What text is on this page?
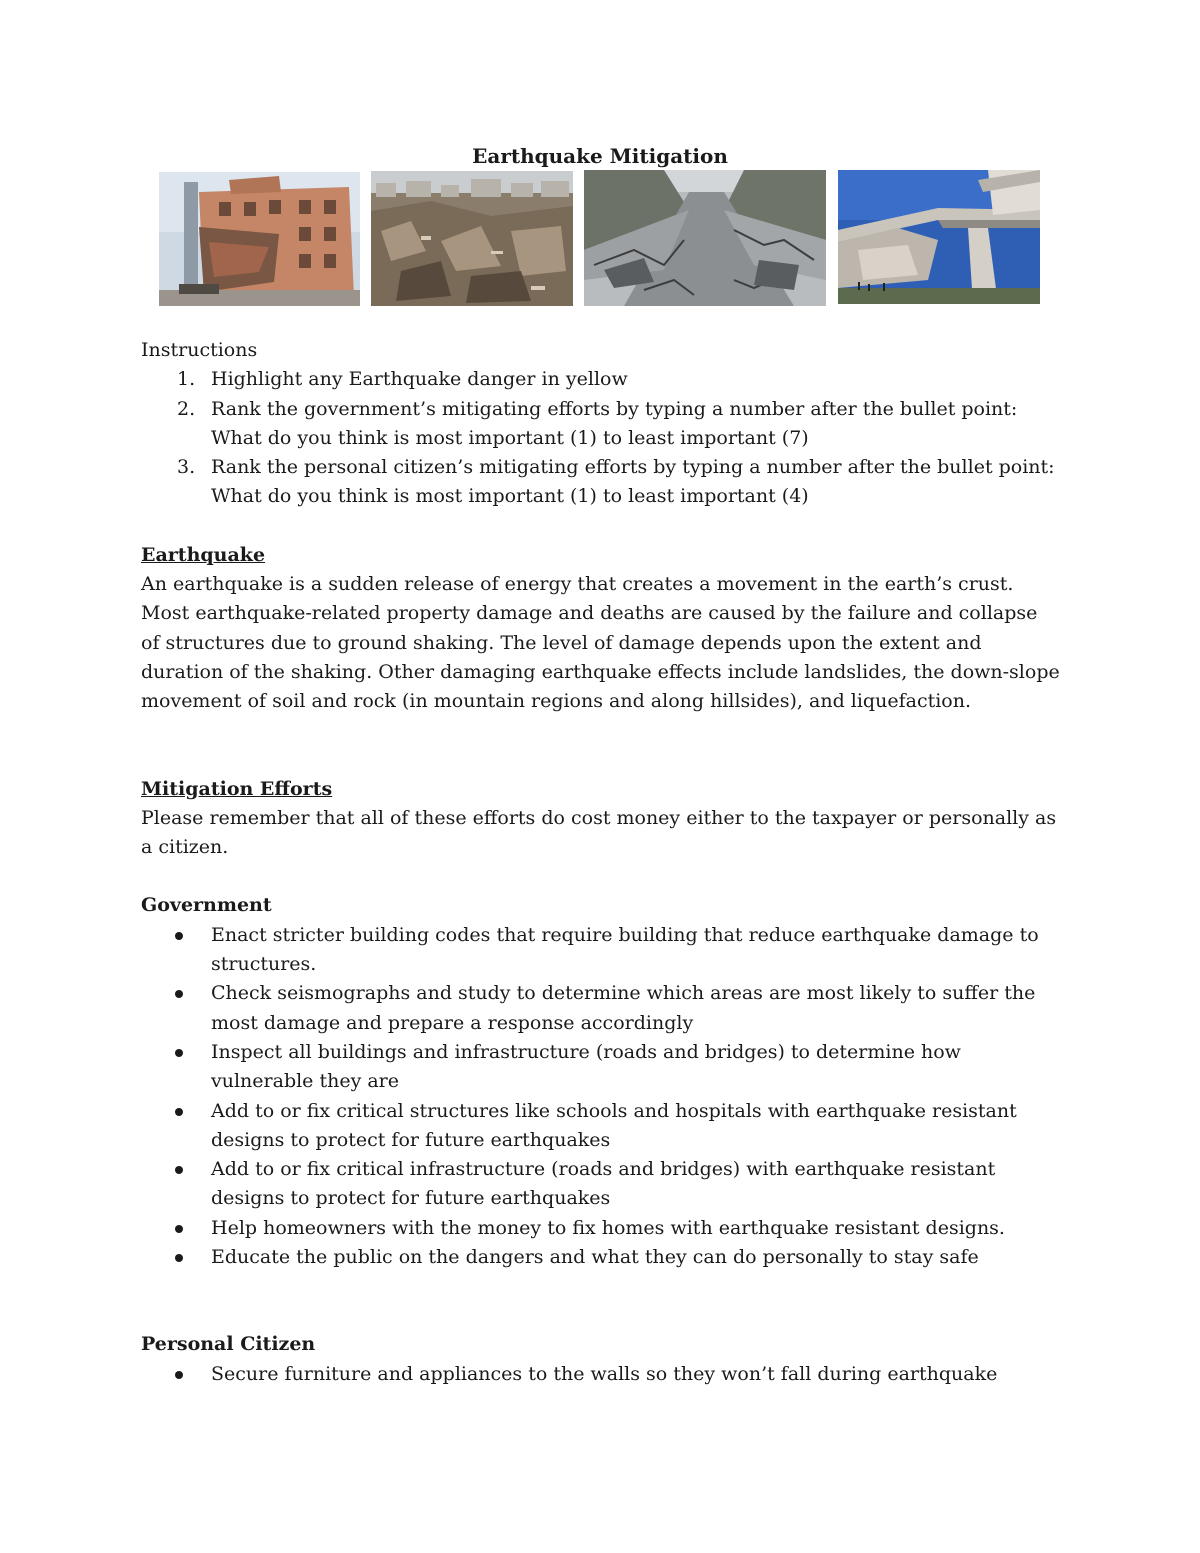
Earthquake Mitigation

Instructions

1. Highlight any Earthquake danger in yellow
2. Rank the government’s mitigating efforts by typing a number after the bullet point: What do you think is most important (1) to least important (7)
3. Rank the personal citizen’s mitigating efforts by typing a number after the bullet point: What do you think is most important (1) to least important (4)

Earthquake

An earthquake is a sudden release of energy that creates a movement in the earth’s crust. Most earthquake-related property damage and deaths are caused by the failure and collapse of structures due to ground shaking. The level of damage depends upon the extent and duration of the shaking. Other damaging earthquake effects include landslides, the down-slope movement of soil and rock (in mountain regions and along hillsides), and liquefaction.

Mitigation Efforts

Please remember that all of these efforts do cost money either to the taxpayer or personally as a citizen.

Government

Enact stricter building codes that require building that reduce earthquake damage to structures.
Check seismographs and study to determine which areas are most likely to suffer the most damage and prepare a response accordingly
Inspect all buildings and infrastructure (roads and bridges) to determine how vulnerable they are
Add to or fix critical structures like schools and hospitals with earthquake resistant designs to protect for future earthquakes
Add to or fix critical infrastructure (roads and bridges) with earthquake resistant designs to protect for future earthquakes
Help homeowners with the money to fix homes with earthquake resistant designs.
Educate the public on the dangers and what they can do personally to stay safe

Personal Citizen

Secure furniture and appliances to the walls so they won’t fall during earthquake
